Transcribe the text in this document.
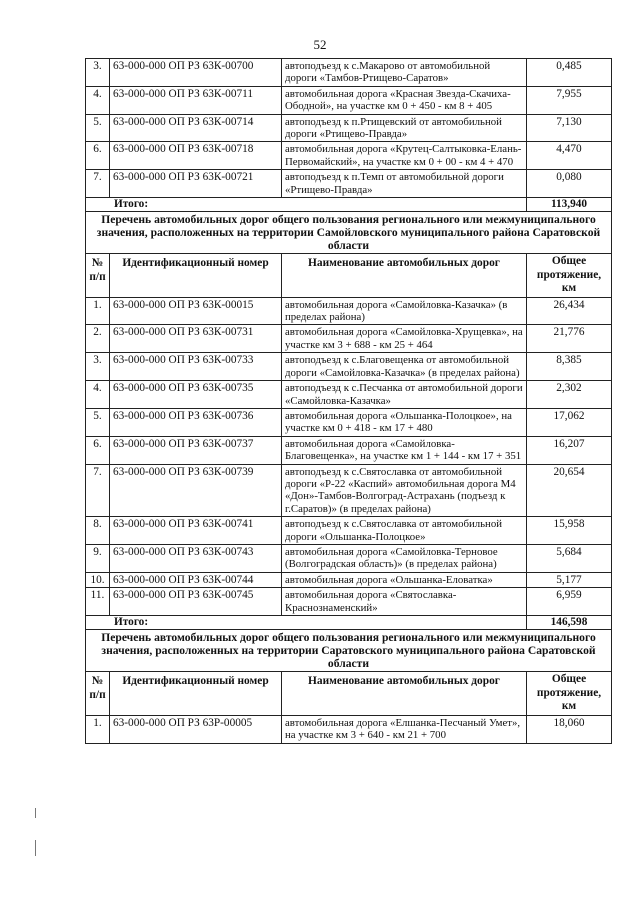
52
3.	63-000-000 ОП РЗ 63К-00700	автоподъезд к с.Макарово от автомобильной дороги «Тамбов-Ртищево-Саратов»	0,485
4.	63-000-000 ОП РЗ 63К-00711	автомобильная дорога «Красная Звезда-Скачиха-Ободной», на участке км 0 + 450 - км 8 + 405	7,955
5.	63-000-000 ОП РЗ 63К-00714	автоподъезд к п.Ртищевский от автомобильной дороги «Ртищево-Правда»	7,130
6.	63-000-000 ОП РЗ 63К-00718	автомобильная дорога «Крутец-Салтыковка-Елань-Первомайский», на участке км 0 + 00 - км 4 + 470	4,470
7.	63-000-000 ОП РЗ 63К-00721	автоподъезд к п.Темп от автомобильной дороги «Ртищево-Правда»	0,080
Итого:			113,940
Перечень автомобильных дорог общего пользования регионального или межмуниципального значения, расположенных на территории Самойловского муниципального района Саратовской области			
№ п/п	Идентификационный номер	Наименование автомобильных дорог	Общее протяжение, км
1.	63-000-000 ОП РЗ 63К-00015	автомобильная дорога «Самойловка-Казачка» (в пределах района)	26,434
2.	63-000-000 ОП РЗ 63К-00731	автомобильная дорога «Самойловка-Хрущевка», на участке км 3 + 688 - км 25 + 464	21,776
3.	63-000-000 ОП РЗ 63К-00733	автоподъезд к с.Благовещенка от автомобильной дороги «Самойловка-Казачка» (в пределах района)	8,385
4.	63-000-000 ОП РЗ 63К-00735	автоподъезд к с.Песчанка от автомобильной дороги «Самойловка-Казачка»	2,302
5.	63-000-000 ОП РЗ 63К-00736	автомобильная дорога «Ольшанка-Полоцкое», на участке км 0 + 418 - км 17 + 480	17,062
6.	63-000-000 ОП РЗ 63К-00737	автомобильная дорога «Самойловка-Благовещенка», на участке км 1 + 144 - км 17 + 351	16,207
7.	63-000-000 ОП РЗ 63К-00739	автоподъезд к с.Святославка от автомобильной дороги «Р-22 «Каспий» автомобильная дорога М4 «Дон»-Тамбов-Волгоград-Астрахань (подъезд к г.Саратов)» (в пределах района)	20,654
8.	63-000-000 ОП РЗ 63К-00741	автоподъезд к с.Святославка от автомобильной дороги «Ольшанка-Полоцкое»	15,958
9.	63-000-000 ОП РЗ 63К-00743	автомобильная дорога «Самойловка-Терновое (Волгоградская область)» (в пределах района)	5,684
10.	63-000-000 ОП РЗ 63К-00744	автомобильная дорога «Ольшанка-Еловатка»	5,177
11.	63-000-000 ОП РЗ 63К-00745	автомобильная дорога «Святославка-Краснознаменский»	6,959
Итого:			146,598
Перечень автомобильных дорог общего пользования регионального или межмуниципального значения, расположенных на территории Саратовского муниципального района Саратовской области			
№ п/п	Идентификационный номер	Наименование автомобильных дорог	Общее протяжение, км
1.	63-000-000 ОП РЗ 63Р-00005	автомобильная дорога «Елшанка-Песчаный Умет», на участке км 3 + 640 - км 21 + 700	18,060
